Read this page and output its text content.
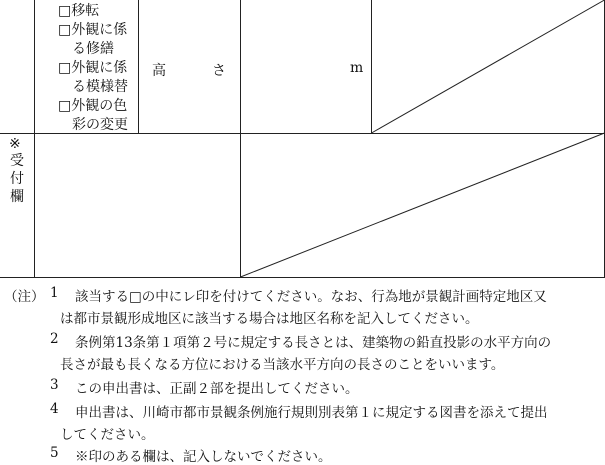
□移転
□外観に係
る修繕
□外観に係
る模様替
□外観の色
彩の変更
高	さ	m
※
受
付
欄
（注） 1 該当する□の中にレ印を付けてください。なお、行為地が景観計画特定地区又
は都市景観形成地区に該当する場合は地区名称を記入してください。
2 条例第13条第１項第２号に規定する長さとは、建築物の鉛直投影の水平方向の
長さが最も長くなる方位における当該水平方向の長さのことをいいます。
3 この申出書は、正副２部を提出してください。
4 申出書は、川崎市都市景観条例施行規則別表第１に規定する図書を添えて提出
してください。
5 ※印のある欄は、記入しないでください。
